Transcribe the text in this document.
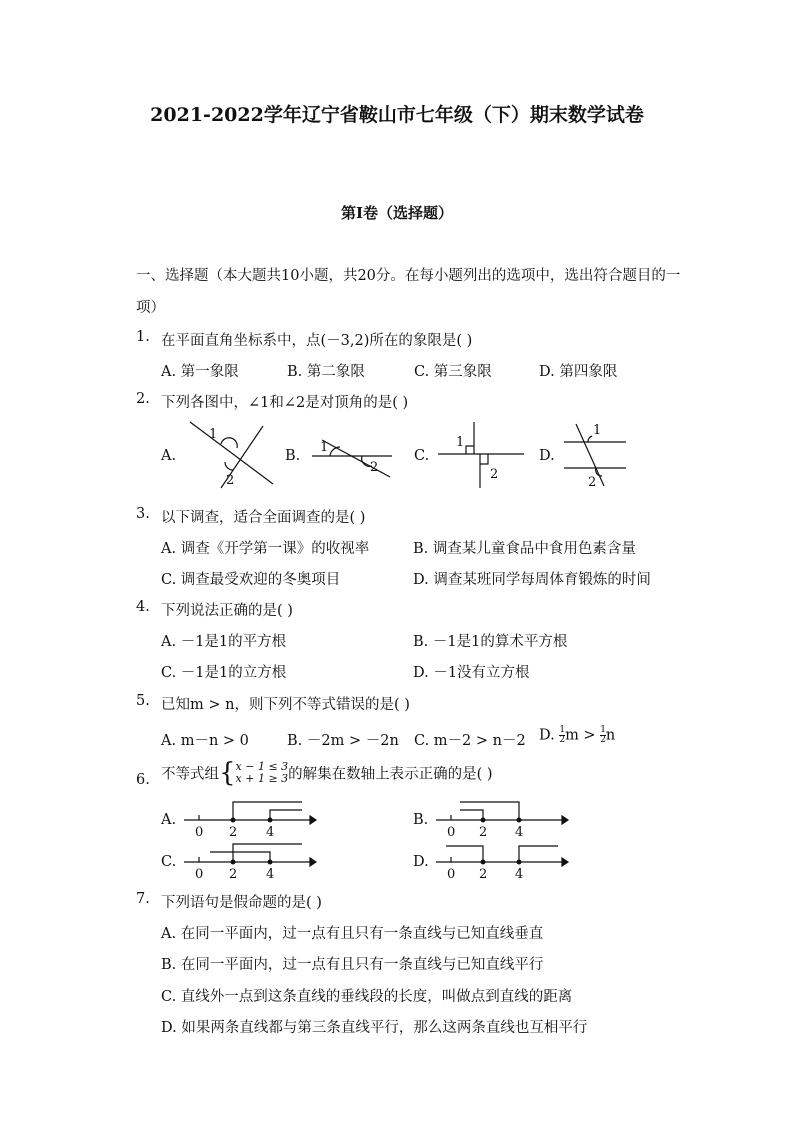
2021-2022学年辽宁省鞍山市七年级（下）期末数学试卷
第I卷（选择题）
一、选择题（本大题共10小题，共20分。在每小题列出的选项中，选出符合题目的一
项）
1. 在平面直角坐标系中，点(－3,2)所在的象限是( )
A. 第一象限	B. 第二象限	C. 第三象限	D. 第四象限
2. 下列各图中，∠1和∠2是对顶角的是( )
A.
1
2
B.
1
2
C.
1
2
D.
1
2
3. 以下调查，适合全面调查的是( )
A. 调查《开学第一课》的收视率	B. 调查某儿童食品中食用色素含量
C. 调查最受欢迎的冬奥项目	D. 调查某班同学每周体育锻炼的时间
4. 下列说法正确的是( )
A. －1是1的平方根	B. －1是1的算术平方根
C. －1是1的立方根	D. －1没有立方根
5. 已知m > n，则下列不等式错误的是( )
A. m－n > 0	B. －2m > －2n C. m－2 > n－2 D. $\frac{1}{2}$ $m > \frac{1}{2}$ n
6. 不等式组{ x − 1 ≤ 3
x + 1 ≥ 3 的解集在数轴上表示正确的是( )
A.
0 2 4
B.
0 2 4
C.
0 2 4
D.
0 2 4
7. 下列语句是假命题的是( )
A. 在同一平面内，过一点有且只有一条直线与已知直线垂直
B. 在同一平面内，过一点有且只有一条直线与已知直线平行
C. 直线外一点到这条直线的垂线段的长度，叫做点到直线的距离
D. 如果两条直线都与第三条直线平行，那么这两条直线也互相平行
